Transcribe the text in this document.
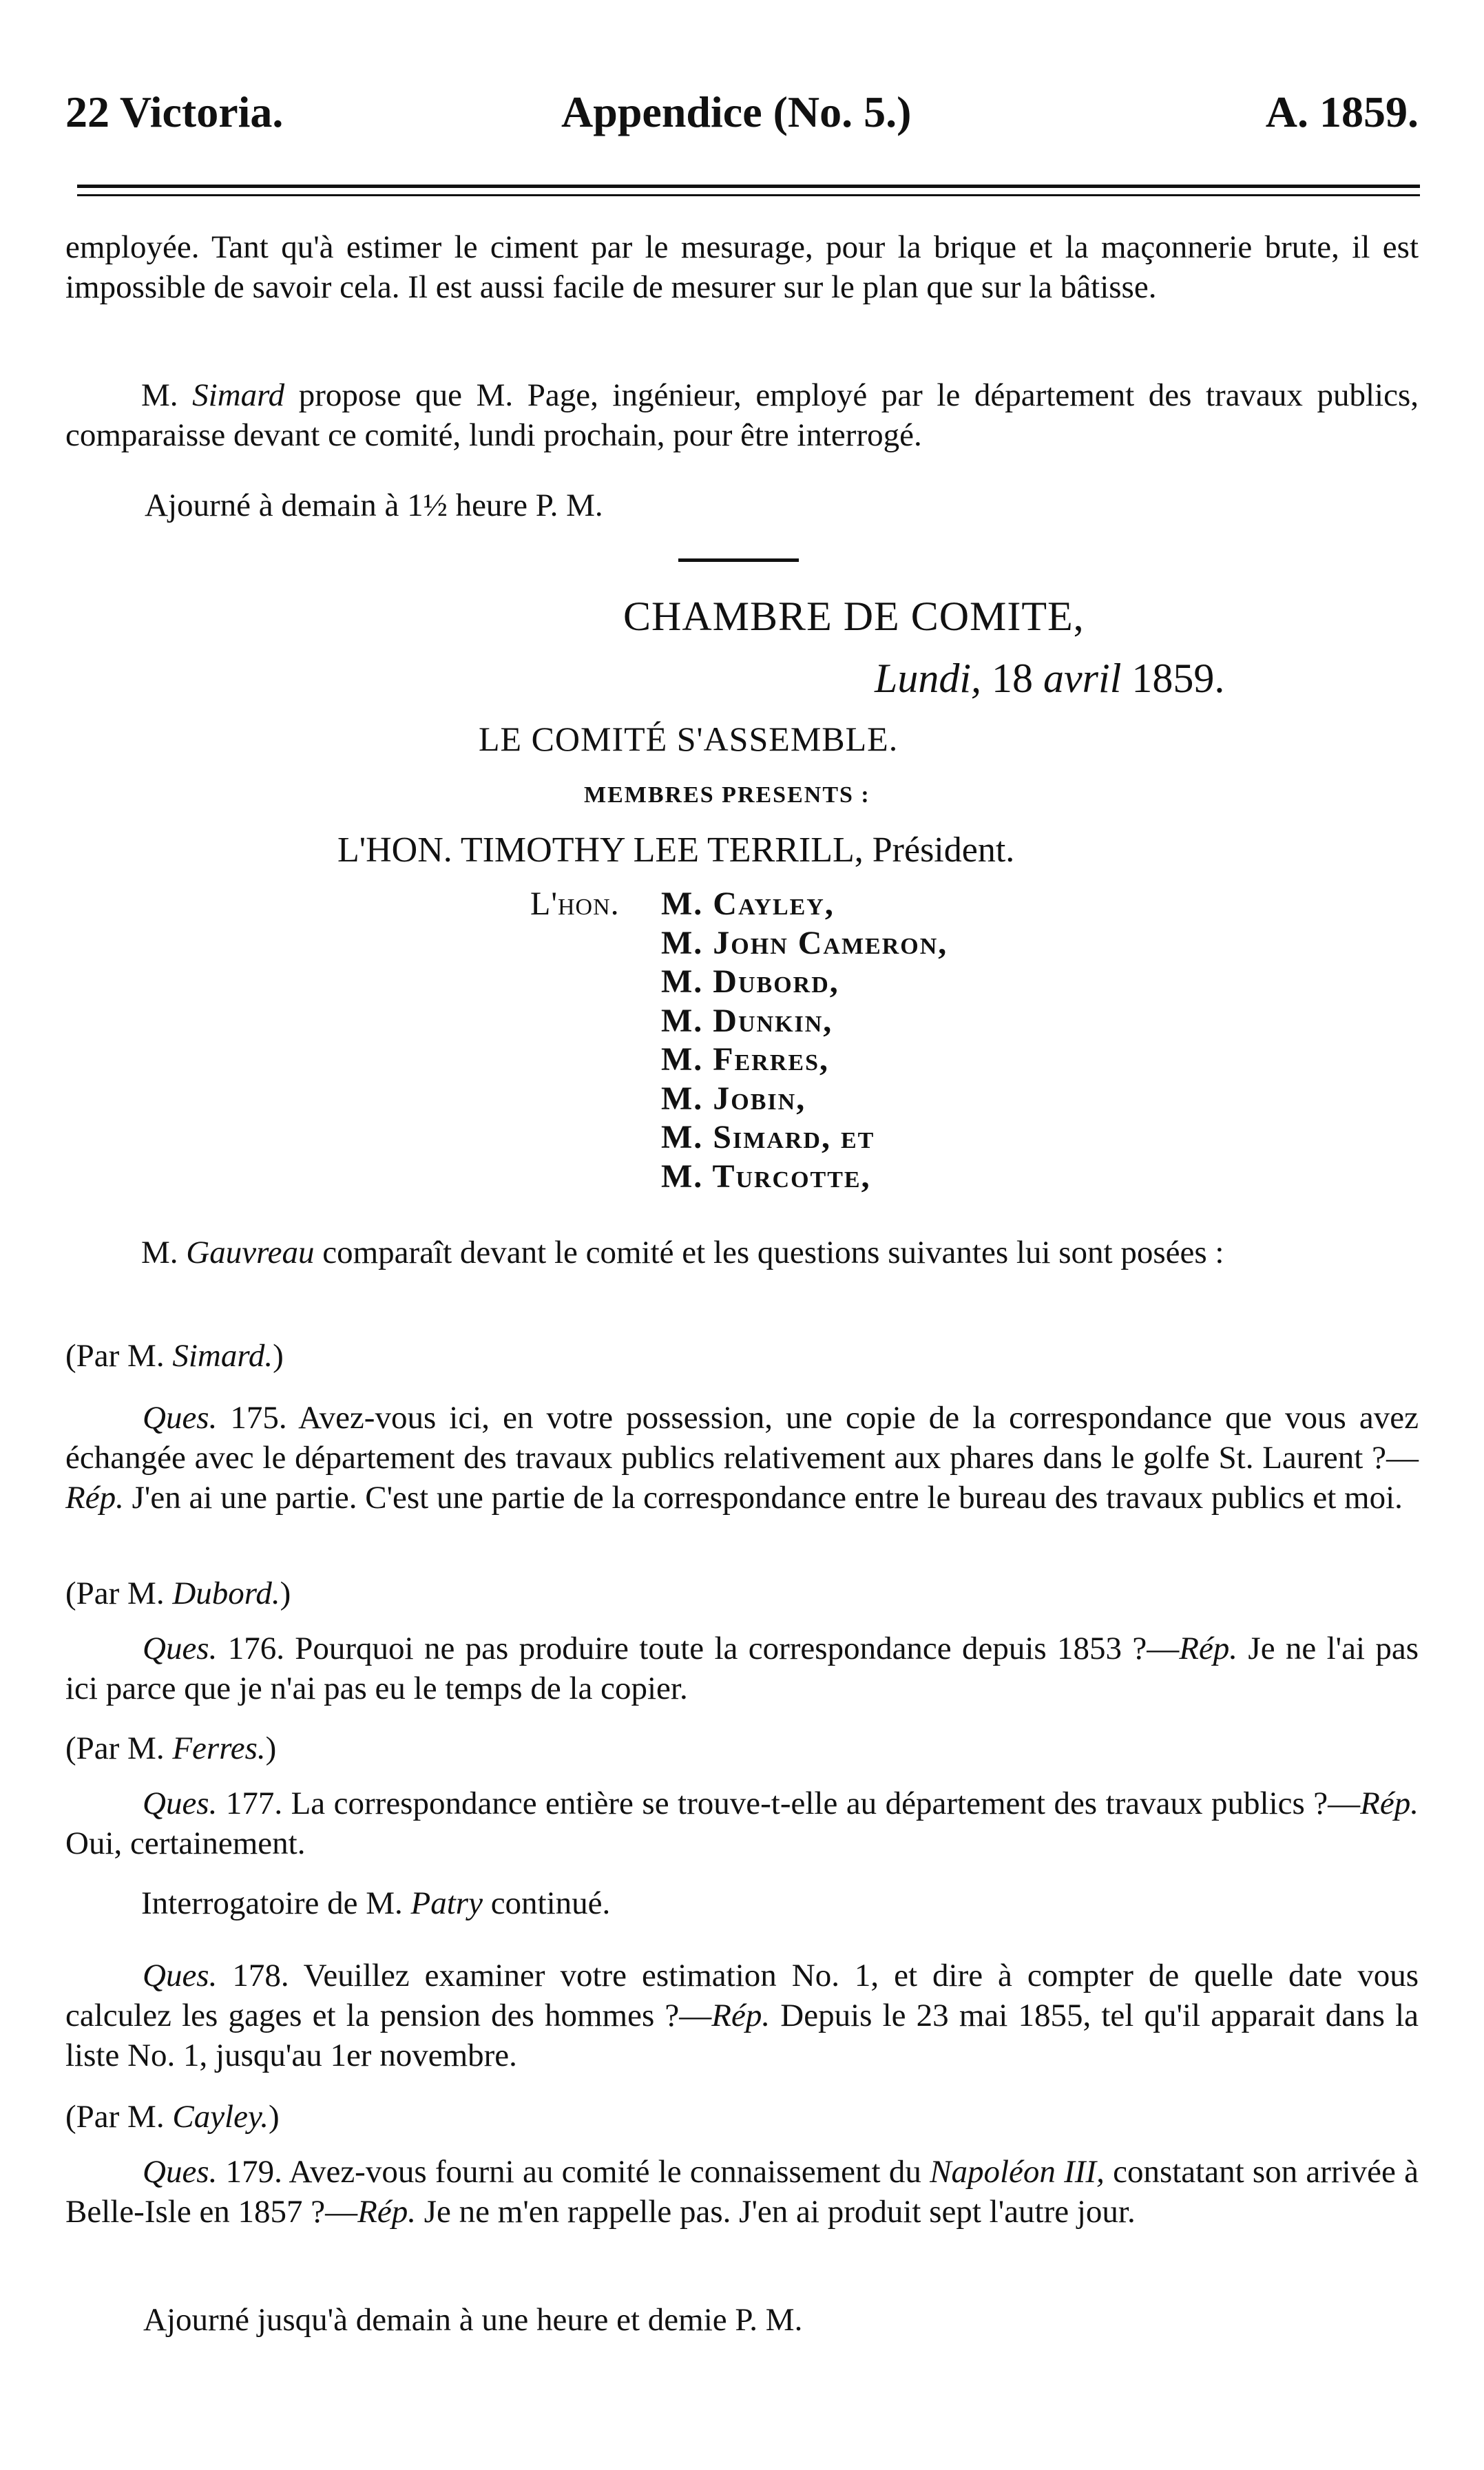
22 Victoria.	Appendice (No. 5.)	A. 1859.

employée. Tant qu'à estimer le ciment par le mesurage, pour la brique et la maçonnerie brute, il est impossible de savoir cela. Il est aussi facile de mesurer sur le plan que sur la bâtisse.

M. Simard propose que M. Page, ingénieur, employé par le département des travaux publics, comparaisse devant ce comité, lundi prochain, pour être interrogé.

Ajourné à demain à 1½ heure P. M.

CHAMBRE DE COMITE,
Lundi, 18 avril 1859.
LE COMITÉ S'ASSEMBLE.
MEMBRES PRESENTS :
L'HON. TIMOTHY LEE TERRILL, Président.
L'hon. M. Cayley,
M. John Cameron,
M. Dubord,
M. Dunkin,
M. Ferres,
M. Jobin,
M. Simard, et
M. Turcotte,
M. Gauvreau comparaît devant le comité et les questions suivantes lui sont posées :
(Par M. Simard.)
Ques. 175. Avez-vous ici, en votre possession, une copie de la correspondance que vous avez échangée avec le département des travaux publics relativement aux phares dans le golfe St. Laurent ?—Rép. J'en ai une partie. C'est une partie de la correspondance entre le bureau des travaux publics et moi.
(Par M. Dubord.)
Ques. 176. Pourquoi ne pas produire toute la correspondance depuis 1853 ?—Rép. Je ne l'ai pas ici parce que je n'ai pas eu le temps de la copier.
(Par M. Ferres.)
Ques. 177. La correspondance entière se trouve-t-elle au département des travaux publics ?—Rép. Oui, certainement.
Interrogatoire de M. Patry continué.
Ques. 178. Veuillez examiner votre estimation No. 1, et dire à compter de quelle date vous calculez les gages et la pension des hommes ?—Rép. Depuis le 23 mai 1855, tel qu'il apparait dans la liste No. 1, jusqu'au 1er novembre.
(Par M. Cayley.)
Ques. 179. Avez-vous fourni au comité le connaissement du Napoléon III, constatant son arrivée à Belle-Isle en 1857 ?—Rép. Je ne m'en rappelle pas. J'en ai produit sept l'autre jour.
Ajourné jusqu'à demain à une heure et demie P. M.
